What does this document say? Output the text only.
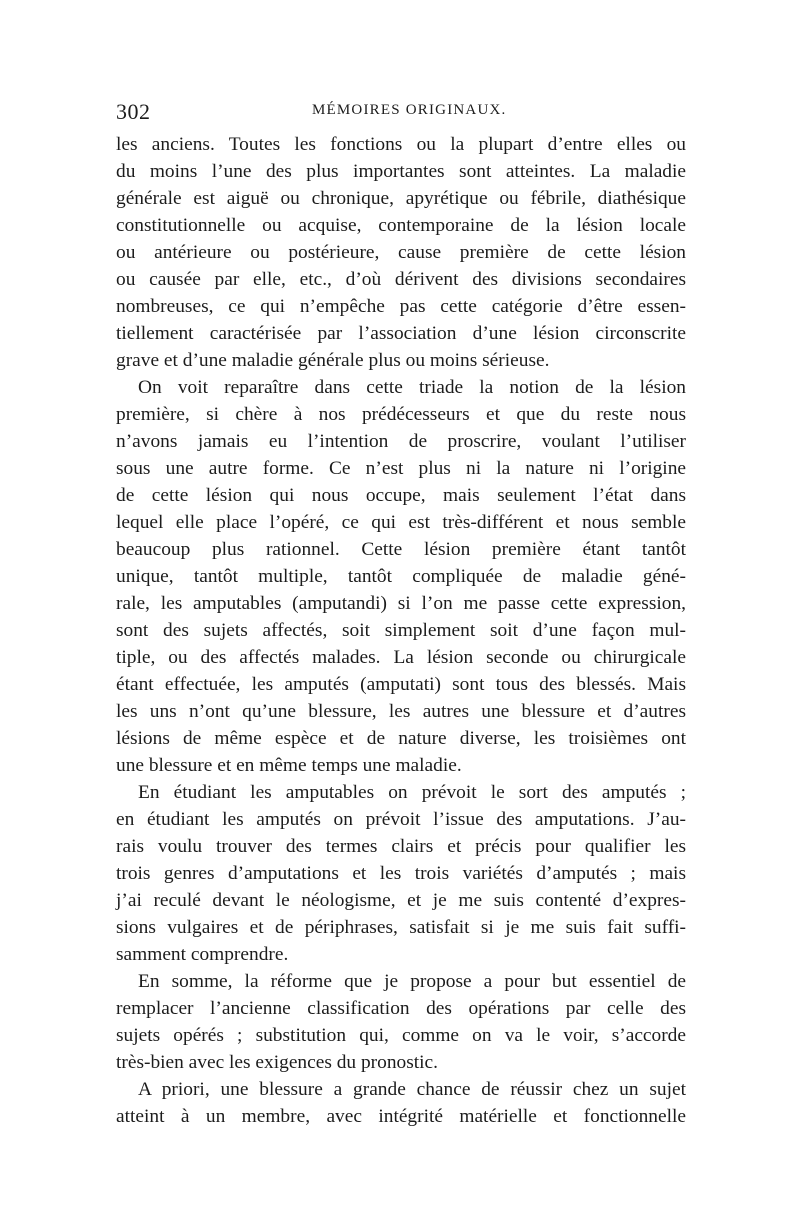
302	MÉMOIRES ORIGINAUX.
les anciens. Toutes les fonctions ou la plupart d’entre elles ou
du moins l’une des plus importantes sont atteintes. La maladie
générale est aiguë ou chronique, apyrétique ou fébrile, diathésique
constitutionnelle ou acquise, contemporaine de la lésion locale
ou antérieure ou postérieure, cause première de cette lésion
ou causée par elle, etc., d’où dérivent des divisions secondaires
nombreuses, ce qui n’empêche pas cette catégorie d’être essen-
tiellement caractérisée par l’association d’une lésion circonscrite
grave et d’une maladie générale plus ou moins sérieuse.
On voit reparaître dans cette triade la notion de la lésion
première, si chère à nos prédécesseurs et que du reste nous
n’avons jamais eu l’intention de proscrire, voulant l’utiliser
sous une autre forme. Ce n’est plus ni la nature ni l’origine
de cette lésion qui nous occupe, mais seulement l’état dans
lequel elle place l’opéré, ce qui est très-différent et nous semble
beaucoup plus rationnel. Cette lésion première étant tantôt
unique, tantôt multiple, tantôt compliquée de maladie géné-
rale, les amputables (amputandi) si l’on me passe cette expression,
sont des sujets affectés, soit simplement soit d’une façon mul-
tiple, ou des affectés malades. La lésion seconde ou chirurgicale
étant effectuée, les amputés (amputati) sont tous des blessés. Mais
les uns n’ont qu’une blessure, les autres une blessure et d’autres
lésions de même espèce et de nature diverse, les troisièmes ont
une blessure et en même temps une maladie.
En étudiant les amputables on prévoit le sort des amputés ;
en étudiant les amputés on prévoit l’issue des amputations. J’au-
rais voulu trouver des termes clairs et précis pour qualifier les
trois genres d’amputations et les trois variétés d’amputés ; mais
j’ai reculé devant le néologisme, et je me suis contenté d’expres-
sions vulgaires et de périphrases, satisfait si je me suis fait suffi-
samment comprendre.
En somme, la réforme que je propose a pour but essentiel de
remplacer l’ancienne classification des opérations par celle des
sujets opérés ; substitution qui, comme on va le voir, s’accorde
très-bien avec les exigences du pronostic.
A priori, une blessure a grande chance de réussir chez un sujet
atteint à un membre, avec intégrité matérielle et fonctionnelle
